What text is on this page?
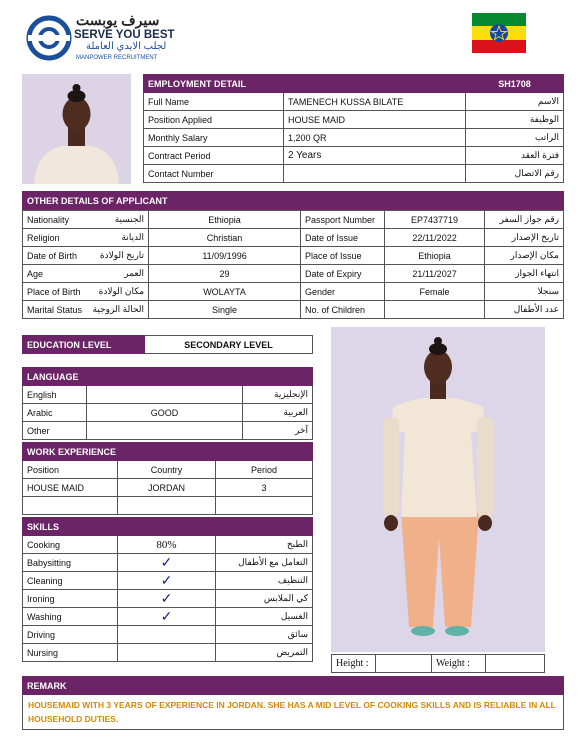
سيرف يوبست
SERVE YOU BEST
لجلب الايدي العاملة
MANPOWER RECRUITMENT
EMPLOYMENT DETAIL		SH1708
Full Name	TAMENECH KUSSA BILATE	الاسم
Position Applied	HOUSE MAID	الوظيفة
Monthly Salary	1,200 QR	الراتب
Contract Period	2 Years	فترة العقد
Contact Number		رقم الاتصال
OTHER DETAILS OF APPLICANT
Nationality	الجنسية	Ethiopia	Passport Number	EP7437719	رقم جواز السفر
Religion	الديانة	Christian	Date of Issue	22/11/2022	تاريخ الإصدار
Date of Birth	تاريخ الولادة	11/09/1996	Place of Issue	Ethiopia	مكان الإصدار
Age	العمر	29	Date of Expiry	21/11/2027	انتهاء الجواز
Place of Birth	مكان الولادة	WOLAYTA	Gender	Female	سنجلا
Marital Status	الحالة الزوجية	Single	No. of Children		عدد الأطفال
EDUCATION LEVEL	SECONDARY LEVEL
LANGUAGE		
English		الإنجليزية
Arabic	GOOD	العربية
Other		آخر
WORK EXPERIENCE		
Position	Country	Period
HOUSE MAID	JORDAN	3

SKILLS		
Cooking	80%	الطبخ
Babysitting	✓	التعامل مع الأطفال
Cleaning	✓	التنظيف
Ironing	✓	كي الملابس
Washing	✓	الغسيل
Driving		سائق
Nursing		التمريض
Height :		Weight :	
REMARK
HOUSEMAID WITH 3 YEARS OF EXPERIENCE IN JORDAN. SHE HAS A MID LEVEL OF COOKING SKILLS AND IS RELIABLE IN ALL HOUSEHOLD DUTIES.
